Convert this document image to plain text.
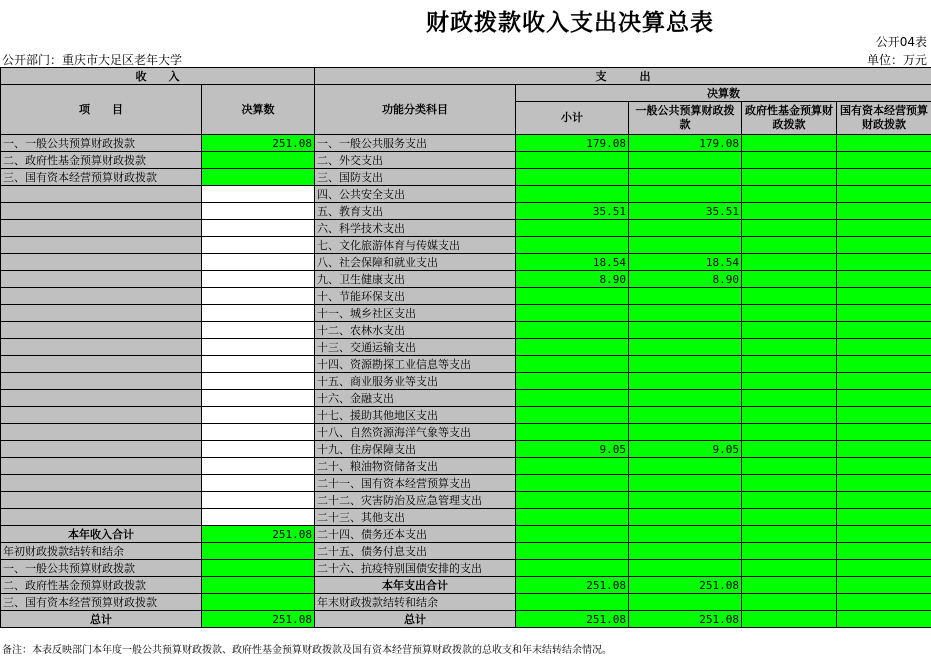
财政拨款收入支出决算总表
公开04表
公开部门：重庆市大足区老年大学	单位：万元
收　　入		支　　　出				
项　　目	决算数	功能分类科目	决算数			
			小计	一般公共预算财政拨款	政府性基金预算财政拨款	国有资本经营预算财政拨款
一、一般公共预算财政拨款	251.08	一、一般公共服务支出	179.08	179.08		
二、政府性基金预算财政拨款		二、外交支出				
三、国有资本经营预算财政拨款		三、国防支出				
		四、公共安全支出				
		五、教育支出	35.51	35.51		
		六、科学技术支出				
		七、文化旅游体育与传媒支出				
		八、社会保障和就业支出	18.54	18.54		
		九、卫生健康支出	8.90	8.90		
		十、节能环保支出				
		十一、城乡社区支出				
		十二、农林水支出				
		十三、交通运输支出				
		十四、资源勘探工业信息等支出				
		十五、商业服务业等支出				
		十六、金融支出				
		十七、援助其他地区支出				
		十八、自然资源海洋气象等支出				
		十九、住房保障支出	9.05	9.05		
		二十、粮油物资储备支出				
		二十一、国有资本经营预算支出				
		二十二、灾害防治及应急管理支出				
		二十三、其他支出				
本年收入合计	251.08	二十四、债务还本支出				
年初财政拨款结转和结余		二十五、债务付息支出				
一、一般公共预算财政拨款		二十六、抗疫特别国债安排的支出				
二、政府性基金预算财政拨款		本年支出合计	251.08	251.08		
三、国有资本经营预算财政拨款		年末财政拨款结转和结余				
总计	251.08	总计	251.08	251.08		
备注：本表反映部门本年度一般公共预算财政拨款、政府性基金预算财政拨款及国有资本经营预算财政拨款的总收支和年末结转结余情况。
